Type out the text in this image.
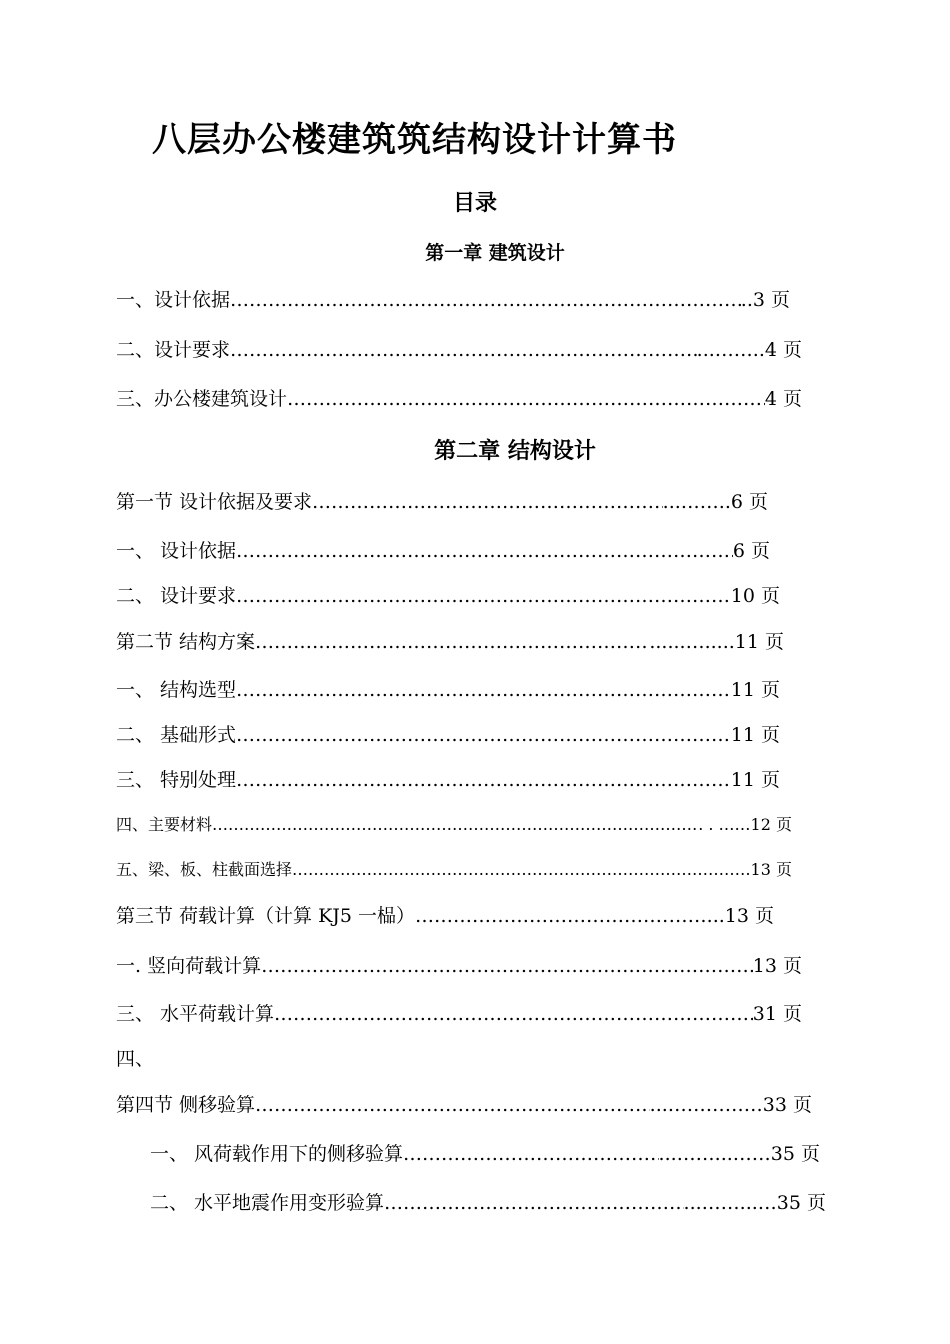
八层办公楼建筑筑结构设计计算书
目录
第一章 建筑设计
一、设计依据 ………………………………………………………………………………………………………………………………………………………………	..3 页
二、设计要求 ………………………………………………………………………………………………………………………………………………………………	...……..4 页
三、办公楼建筑设计 ………………………………………………………………………………………………………………………………………………………………	4 页
第二章 结构设计
第一节 设计依据及要求 ………………………………………………………………………………………………………………………………………………………………	...……..6 页
一、 设计依据 ………………………………………………………………………………………………………………………………………………………………	6 页
二、 设计要求 ………………………………………………………………………………………………………………………………………………………………	10 页
第二节 结构方案 ………………………………………………………………………………………………………………………………………………………………	......….....11 页
一、 结构选型 ………………………………………………………………………………………………………………………………………………………………	11 页
二、 基础形式 ………………………………………………………………………………………………………………………………………………………………	11 页
三、 特别处理 ………………………………………………………………………………………………………………………………………………………………	11 页
四、主要材料 ………………………………………………………………………………………………………………………………………………………………	. . ……12 页
五、梁、板、柱截面选择 ………………………………………………………………………………………………………………………………………………………………	13 页
第三节 荷载计算（计算 KJ5 一榀） ………………………………………………………………………………………………………………………………………………………………	……...13 页
一. 竖向荷载计算 ………………………………………………………………………………………………………………………………………………………………	13 页
三、 水平荷载计算 ………………………………………………………………………………………………………………………………………………………………	31 页
四、
第四节 侧移验算 ………………………………………………………………………………………………………………………………………………………………	...……………33 页
一、 风荷载作用下的侧移验算 ………………………………………………………………………………………………………………………………………………………………	...……...……35 页
二、 水平地震作用变形验算 ………………………………………………………………………………………………………………………………………………………………	...……...…35 页
